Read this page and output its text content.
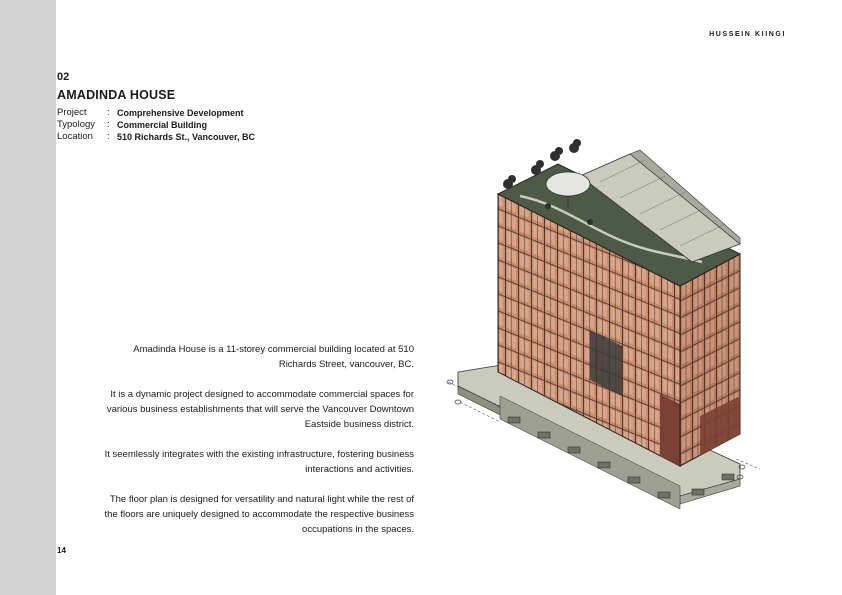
HUSSEIN KIINGI
02
AMADINDA HOUSE
Project	: Comprehensive Development
Typology	: Commercial Building
Location	: 510 Richards St., Vancouver, BC

Amadinda House is a 11-storey commercial building located at 510 Richards Street, vancouver, BC.

It is a dynamic project designed to accommodate commercial spaces for various business establishments that will serve the Vancouver Downtown Eastside business district.

It seemlessly integrates with the existing infrastructure, fostering business interactions and activities.

The floor plan is designed for versatility and natural light while the rest of the floors are uniquely designed to accommodate the respective business occupations in the spaces.

14
